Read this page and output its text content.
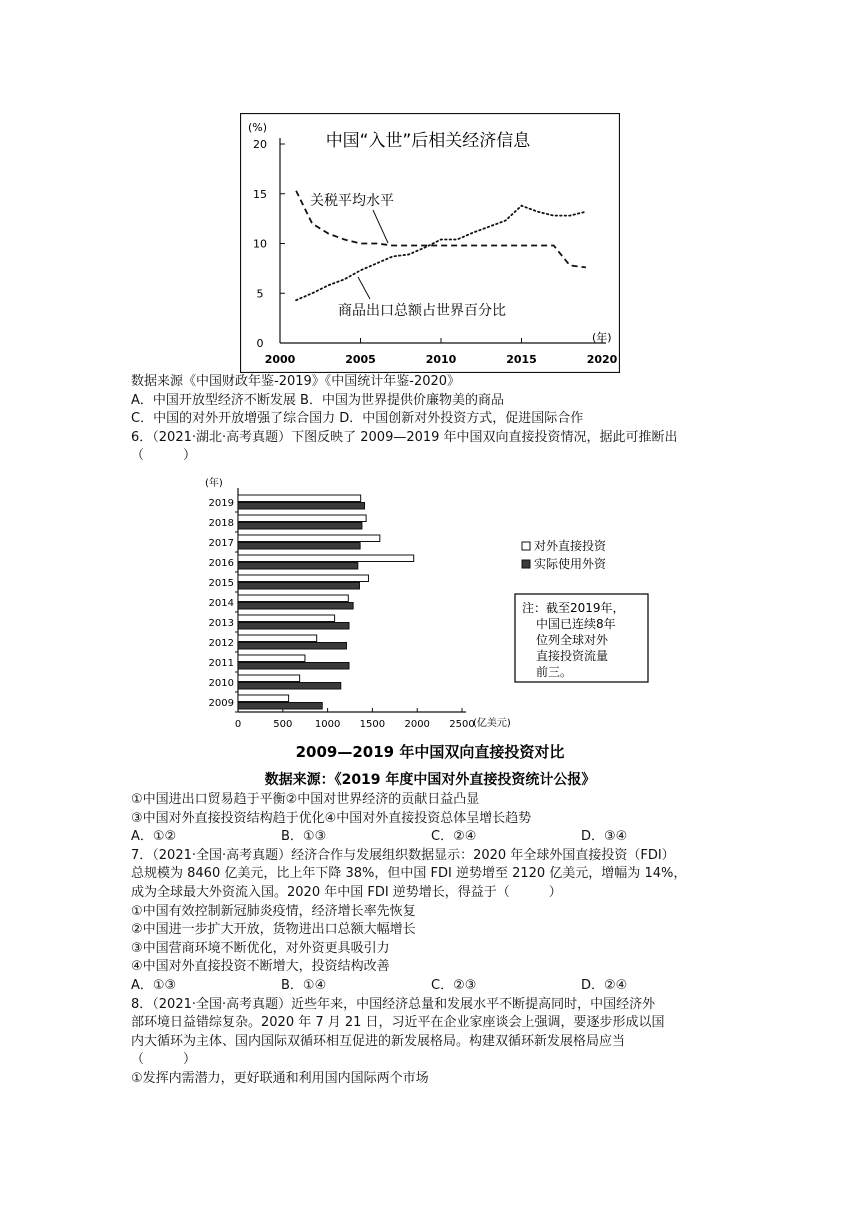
中国“入世”后相关经济信息
(%)
(年)
0
5
10
15
20
2000	2005	2010	2015	2020
关税平均水平
商品出口总额占世界百分比
(年)
(亿美元)
0	500 1000 1500 2000 2500
2019
2018
2017
2016
2015
2014
2013
2012
2011
2010
2009
对外直接投资
实际使用外资
注：截至2019年，
中国已连续8年
位列全球对外
直接投资流量
前三。
2009—2019 年中国双向直接投资对比
数据来源：《2019 年度中国对外直接投资统计公报》
数据来源《中国财政年鉴-2019》《中国统计年鉴-2020》
A．中国开放型经济不断发展 B．中国为世界提供价廉物美的商品
C．中国的对外开放增强了综合国力 D．中国创新对外投资方式，促进国际合作
6．（2021·湖北·高考真题）下图反映了 2009—2019 年中国双向直接投资情况，据此可推断出
（　　　）
①中国进出口贸易趋于平衡②中国对世界经济的贡献日益凸显
③中国对外直接投资结构趋于优化④中国对外直接投资总体呈增长趋势
A．①②	B．①③	C．②④	D．③④
7．（2021·全国·高考真题）经济合作与发展组织数据显示：2020 年全球外国直接投资（FDI）
总规模为 8460 亿美元，比上年下降 38%，但中国 FDI 逆势增至 2120 亿美元，增幅为 14%，
成为全球最大外资流入国。2020 年中国 FDI 逆势增长，得益于（　　　）
①中国有效控制新冠肺炎疫情，经济增长率先恢复
②中国进一步扩大开放，货物进出口总额大幅增长
③中国营商环境不断优化，对外资更具吸引力
④中国对外直接投资不断增大，投资结构改善
A．①③	B．①④	C．②③	D．②④
8．（2021·全国·高考真题）近些年来，中国经济总量和发展水平不断提高同时，中国经济外
部环境日益错综复杂。2020 年 7 月 21 日，习近平在企业家座谈会上强调，要逐步形成以国
内大循环为主体、国内国际双循环相互促进的新发展格局。构建双循环新发展格局应当
（　　　）
①发挥内需潜力，更好联通和利用国内国际两个市场
